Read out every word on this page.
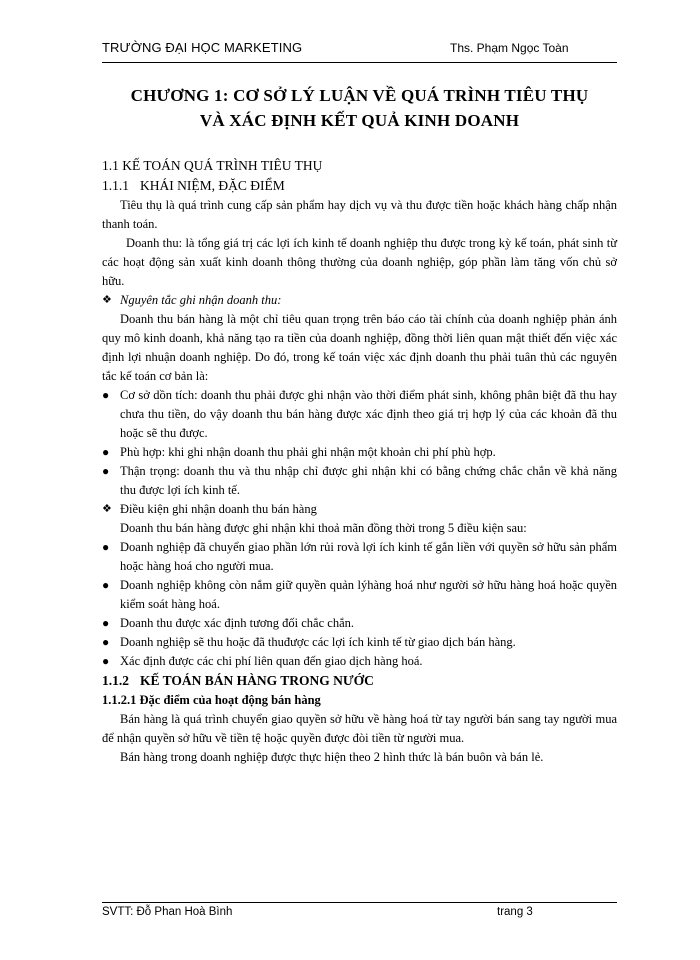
TRƯỜNG ĐẠI HỌC MARKETING	Ths. Phạm Ngọc Toàn
CHƯƠNG 1: CƠ SỞ LÝ LUẬN VỀ QUÁ TRÌNH TIÊU THỤ
VÀ XÁC ĐỊNH KẾT QUẢ KINH DOANH

1.1 KẾ TOÁN QUÁ TRÌNH TIÊU THỤ

1.1.1 KHÁI NIỆM, ĐẶC ĐIỂM

Tiêu thụ là quá trình cung cấp sản phẩm hay dịch vụ và thu được tiền hoặc khách hàng chấp nhận thanh toán.

Doanh thu: là tổng giá trị các lợi ích kinh tế doanh nghiệp thu được trong kỳ kế toán, phát sinh từ các hoạt động sản xuất kinh doanh thông thường của doanh nghiệp, góp phần làm tăng vốn chủ sở hữu.

❖ Nguyên tắc ghi nhận doanh thu:

Doanh thu bán hàng là một chỉ tiêu quan trọng trên báo cáo tài chính của doanh nghiệp phản ánh quy mô kinh doanh, khả năng tạo ra tiền của doanh nghiệp, đồng thời liên quan mật thiết đến việc xác định lợi nhuận doanh nghiệp. Do đó, trong kế toán việc xác định doanh thu phải tuân thủ các nguyên tắc kế toán cơ bản là:

● Cơ sở dồn tích: doanh thu phải được ghi nhận vào thời điểm phát sinh, không phân biệt đã thu hay chưa thu tiền, do vậy doanh thu bán hàng được xác định theo giá trị hợp lý của các khoản đã thu hoặc sẽ thu được.
● Phù hợp: khi ghi nhận doanh thu phải ghi nhận một khoản chi phí phù hợp.
● Thận trọng: doanh thu và thu nhập chỉ được ghi nhận khi có bằng chứng chắc chắn về khả năng thu được lợi ích kinh tế.

❖ Điều kiện ghi nhận doanh thu bán hàng

Doanh thu bán hàng được ghi nhận khi thoả mãn đồng thời trong 5 điều kiện sau:

● Doanh nghiệp đã chuyển giao phần lớn rủi rovà lợi ích kinh tế gắn liền với quyền sở hữu sản phẩm hoặc hàng hoá cho người mua.
● Doanh nghiệp không còn nắm giữ quyền quản lýhàng hoá như người sở hữu hàng hoá hoặc quyền kiểm soát hàng hoá.
● Doanh thu được xác định tương đối chắc chắn.
● Doanh nghiệp sẽ thu hoặc đã thuđược các lợi ích kinh tế từ giao dịch bán hàng.
● Xác định được các chi phí liên quan đến giao dịch hàng hoá.

1.1.2 KẾ TOÁN BÁN HÀNG TRONG NƯỚC

1.1.2.1 Đặc điểm của hoạt động bán hàng

Bán hàng là quá trình chuyển giao quyền sở hữu về hàng hoá từ tay người bán sang tay người mua để nhận quyền sở hữu về tiền tệ hoặc quyền được đòi tiền từ người mua.

Bán hàng trong doanh nghiệp được thực hiện theo 2 hình thức là bán buôn và bán lẻ.

SVTT: Đỗ Phan Hoà Bình	trang 3
